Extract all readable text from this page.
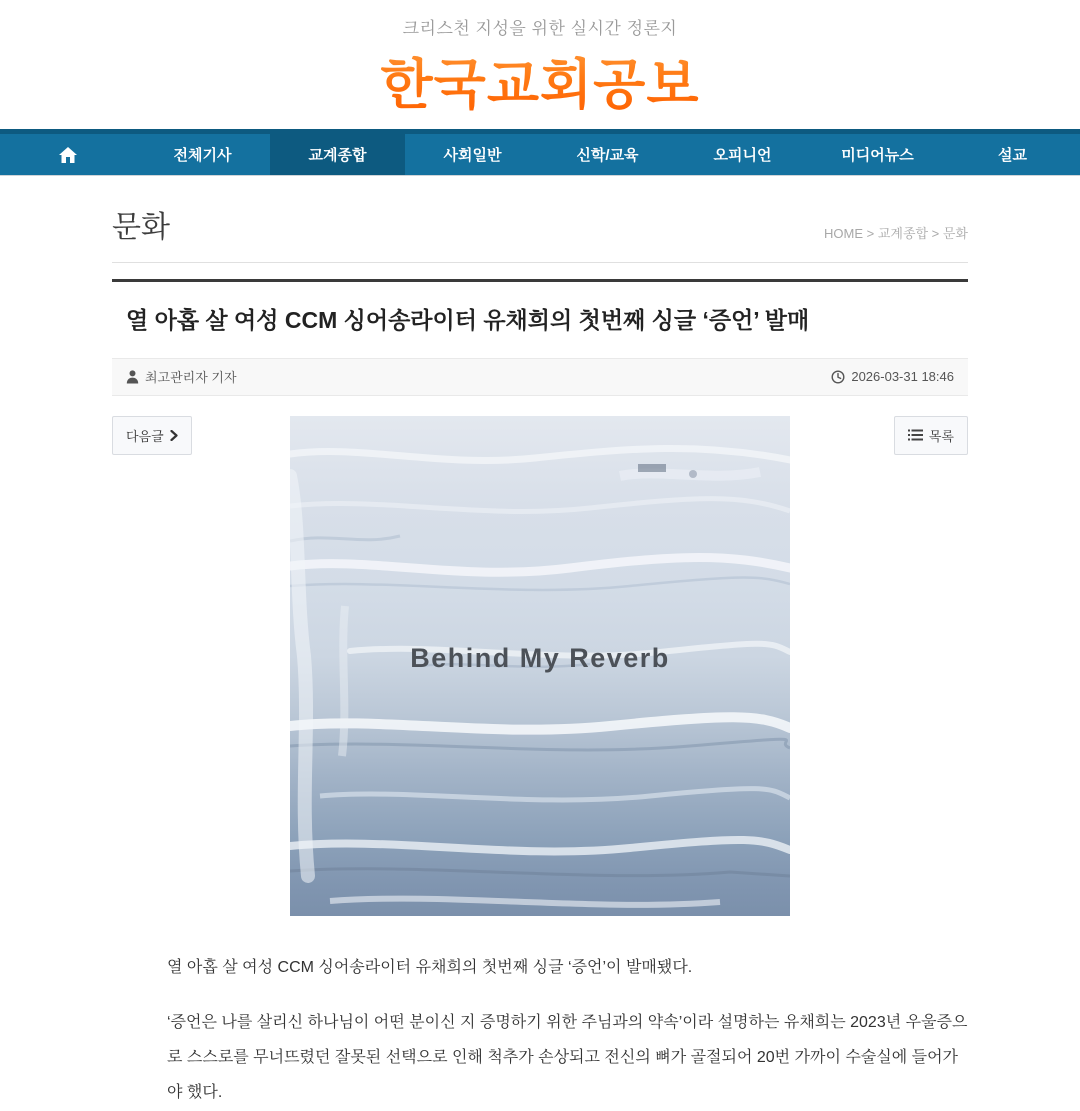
크리스천 지성을 위한 실시간 정론지
한국교회공보
전체기사	교계종합	사회일반	신학/교육	오피니언	미디어뉴스	설교
문화	HOME > 교계종합 > 문화
열 아홉 살 여성 CCM 싱어송라이터 유채희의 첫번째 싱글 ‘증언’ 발매
최고관리자 기자	2026-03-31 18:46
다음글	목록
Behind My Reverb

열 아홉 살 여성 CCM 싱어송라이터 유채희의 첫번째 싱글 ‘증언’이 발매됐다.

‘증언은 나를 살리신 하나님이 어떤 분이신 지 증명하기 위한 주님과의 약속’이라 설명하는 유채희는 2023년 우울증으로 스스로를 무너뜨렸던 잘못된 선택으로 인해 척추가 손상되고 전신의 뼈가 골절되어 20번 가까이 수술실에 들어가야 했다.
